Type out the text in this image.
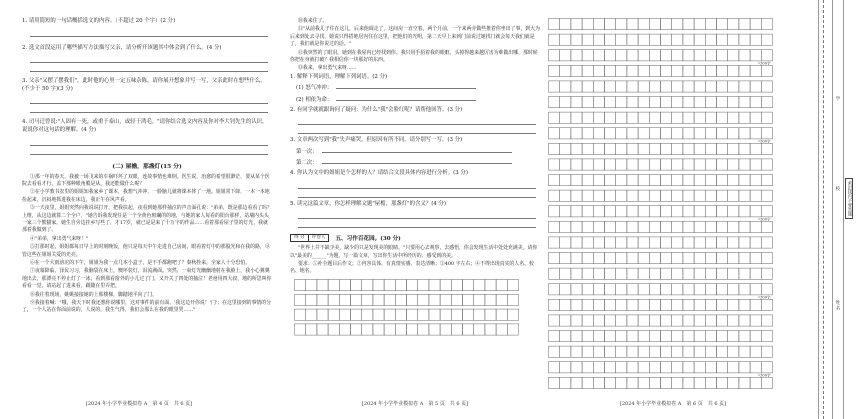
1. 请用简短的一句话概括选文的内容。（不超过 20 个字）(2 分)
2. 选文首段运用了哪些描写方法描写父亲，请分析开该题其中体会到了什么。(4 分)
3. 父亲"又摆了摆我们"，此时他的心里一定五味杂陈，请你展开想象并写一写，父亲此时在想些什么。(不少于 50 字)(3 分)
4. 司马迁曾说:"人固有一死，或重于泰山，或轻于鸿毛。"请你结合选文内容及你对李大钊先生的认识，说说你对这句话的理解。(4 分)
(二) 屋檐，那盏灯(15 分)
①那一年的春天，我被一场飞来的车祸吓坏了双眼，连故事情也难倒。医生说，治愈的希望很渺茫，要从某个医院去看看才行，盖下那种眼角膜是从，我还能做什么呢？
②在小学教书农里的姐姐知我家乡了课本，我想气冲冲，一脸脑儿就将课本摔了一地。姐姐常下降，一本一本地捡起来，沉闷地抓进我在床边，我正午在风声看。
③一天夜里，姐姐突然向我说说打开，把我扶起，夜看到她那样抽泣的声音面孔说："弟弟，既是那边看看了吗？上维，从这边就算二个全户，"她告诉我发现任是一个全黄色斑斓的的地，与她的家人每看的阳台那样，站墙内头头一家三个熊猫家。她生自旁边挂乡写些了，才17岁，就已是是来了十万字的作品……看着那看屋子里的灯光，我就那着我做到了。
④"弟弟，拿出勇气来呀！"
⑤打那时起，姐姐都每日早上的时刻晚饭，他只是每天中午走进自己房间，眼看着灯中的那股光和在我的路，尽管这些在姐姐关爱的光亮。
⑥在一个大雨滂沱的下午，姐姐为我一点几本小盒子，是不手都跑吧了？秦秋拴来，全家人十分恐怕。
⑦夜幕降临，泽民习习，我脑袋在床上，懊坏装灯，泪流满面。突然，一束灯光幽幽地射在我脸上，我小心翼翼地出去，那漂亮不停止灯了一冰；看到那看窗外的小儿过了门，又开关了四处的抽泣！老爸用四大叔，地的所思叫你看看一觉，请站起了进来看，跟随在里弄把。
⑧我往着现场，姚姚接接她的上那楼梯，脚踏地平向了门。
⑨我接着喊："哦，我天下时我还想你说哪里，这对事件的前有面，'我这边开你说！'门'；在这里接到的事情的分了，一个人站在你面前说的，人说的，我生气得，我们会那么在我的眼里哭……"
[2024 年小学毕业模拟卷 A　第 4 页　共 6 页]
⑩我来住了。
⑪"从前我儿子住在这儿，后来他调走了，这间房一直空着。两个月前，一个来两旁做些推着你坐出了事，到大为后来到处去寻找，她说只得搭地居内住在这里，把他们的光明，第二天早上来到门前说过她找门就会每天我们就是了，我们就是你说过的话。"
⑫我突然的了眼泪，她到在我屋内已经找到你。我只用手捂着我的眼眶，头掉得越来越厉害为难做出哪，那时候你把在身就打破？我相信你一块那好的东西。
⑬我来，拿出勇气来呀……
1. 解释下列词语，理解下列词语。(2 分)
(1) 怒气冲冲：
(2) 相依为命：
2. 有同学就就跟询问了疑问：为什么"我"会脸红呢？请帮他回答。(3 分)
3. 文章两次写到"我"失声痛哭，但原因有所不同，请分别写一写。(3 分)
第一次：
第二次：
4. 你认为文中的姐姐是个怎样的人？请结合文段具体内容进行分析。(3 分)
5. 读完这篇文章，你怎样理解文题"屋檐，那盏灯"的含义？(4 分)
得 分 评卷人	五、习作百花园。(30 分)
"世界上并不缺少美，缺少的只是发现美的眼睛。"只要用心去观察，去感悟，你会发现生活中处处充满美。请你以"最美的______"为题，写一篇文章，写出你生活中所经历的、感受到的美。
要求：①补全题目后作文；②内容具体，有真情实感，表达清晰；③400 字左右；④不得出现真实的人名、校名、地名。
[2024 年小学毕业模拟卷 A　第 5 页　共 6 页]
•300字
•300字
•300字
•300字
•300字
[2024 年小学毕业模拟卷 A　第 6 页　共 6 页]
学
校	密封线内不要答题
姓 名
